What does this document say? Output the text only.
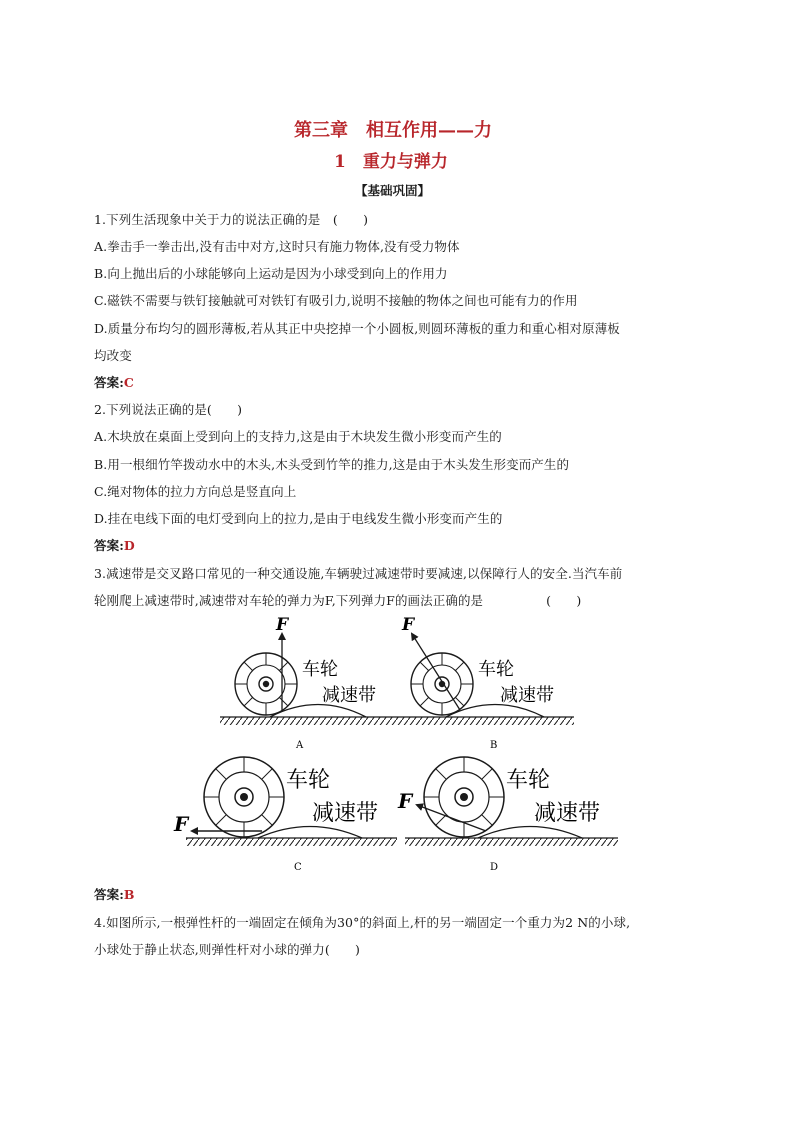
第三章　相互作用——力
1　重力与弹力
【基础巩固】
1.下列生活现象中关于力的说法正确的是　(　　)
A.拳击手一拳击出,没有击中对方,这时只有施力物体,没有受力物体
B.向上抛出后的小球能够向上运动是因为小球受到向上的作用力
C.磁铁不需要与铁钉接触就可对铁钉有吸引力,说明不接触的物体之间也可能有力的作用
D.质量分布均匀的圆形薄板,若从其正中央挖掉一个小圆板,则圆环薄板的重力和重心相对原薄板
均改变
答案:C
2.下列说法正确的是(　　)
A.木块放在桌面上受到向上的支持力,这是由于木块发生微小形变而产生的
B.用一根细竹竿拨动水中的木头,木头受到竹竿的推力,这是由于木头发生形变而产生的
C.绳对物体的拉力方向总是竖直向上
D.挂在电线下面的电灯受到向上的拉力,是由于电线发生微小形变而产生的
答案:D
3.减速带是交叉路口常见的一种交通设施,车辆驶过减速带时要减速,以保障行人的安全.当汽车前
轮刚爬上减速带时,减速带对车轮的弹力为F,下列弹力F的画法正确的是　　　　　(　　)
F
车轮
减速带
A
F
车轮
减速带
B
F
车轮
减速带
C
F
车轮
减速带
D
答案:B
4.如图所示,一根弹性杆的一端固定在倾角为30°的斜面上,杆的另一端固定一个重力为2 N的小球,
小球处于静止状态,则弹性杆对小球的弹力(　　)
